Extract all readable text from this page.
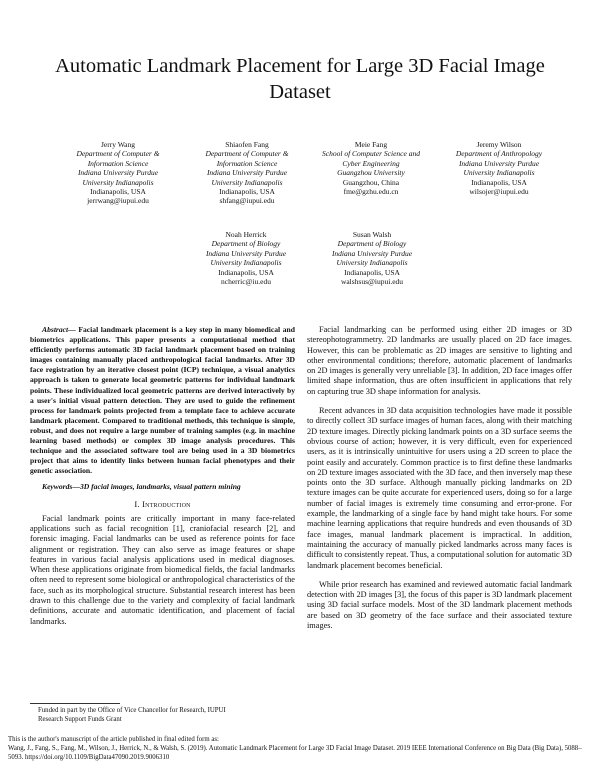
Automatic Landmark Placement for Large 3D Facial Image Dataset
Jerry Wang
Department of Computer &
Information Science
Indiana University Purdue
University Indianapolis
Indianapolis, USA
jerrwang@iupui.edu
Shiaofen Fang
Department of Computer &
Information Science
Indiana University Purdue
University Indianapolis
Indianapolis, USA
shfang@iupui.edu
Meie Fang
School of Computer Science and
Cyber Engineering
Guangzhou University
Guangzhou, China
fme@gzhu.edu.cn
Jeremy Wilson
Department of Anthropology
Indiana University Purdue
University Indianapolis
Indianapolis, USA
wilsojer@iupui.edu
Noah Herrick
Department of Biology
Indiana University Purdue
University Indianapolis
Indianapolis, USA
ncherric@iu.edu
Susan Walsh
Department of Biology
Indiana University Purdue
University Indianapolis
Indianapolis, USA
walshsus@iupui.edu

Abstract— Facial landmark placement is a key step in many biomedical and biometrics applications. This paper presents a computational method that efficiently performs automatic 3D facial landmark placement based on training images containing manually placed anthropological facial landmarks. After 3D face registration by an iterative closest point (ICP) technique, a visual analytics approach is taken to generate local geometric patterns for individual landmark points. These individualized local geometric patterns are derived interactively by a user's initial visual pattern detection. They are used to guide the refinement process for landmark points projected from a template face to achieve accurate landmark placement. Compared to traditional methods, this technique is simple, robust, and does not require a large number of training samples (e.g. in machine learning based methods) or complex 3D image analysis procedures. This technique and the associated software tool are being used in a 3D biometrics project that aims to identify links between human facial phenotypes and their genetic association.

Keywords—3D facial images, landmarks, visual pattern mining

I. Introduction

Facial landmark points are critically important in many face-related applications such as facial recognition [1], craniofacial research [2], and forensic imaging. Facial landmarks can be used as reference points for face alignment or registration. They can also serve as image features or shape features in various facial analysis applications used in medical diagnoses. When these applications originate from biomedical fields, the facial landmarks often need to represent some biological or anthropological characteristics of the face, such as its morphological structure. Substantial research interest has been drawn to this challenge due to the variety and complexity of facial landmark definitions, accurate and automatic identification, and placement of facial landmarks.

Facial landmarking can be performed using either 2D images or 3D stereophotogrammetry. 2D landmarks are usually placed on 2D face images. However, this can be problematic as 2D images are sensitive to lighting and other environmental conditions; therefore, automatic placement of landmarks on 2D images is generally very unreliable [3]. In addition, 2D face images offer limited shape information, thus are often insufficient in applications that rely on capturing true 3D shape information for analysis.

Recent advances in 3D data acquisition technologies have made it possible to directly collect 3D surface images of human faces, along with their matching 2D texture images. Directly picking landmark points on a 3D surface seems the obvious course of action; however, it is very difficult, even for experienced users, as it is intrinsically unintuitive for users using a 2D screen to place the point easily and accurately. Common practice is to first define these landmarks on 2D texture images associated with the 3D face, and then inversely map these points onto the 3D surface. Although manually picking landmarks on 2D texture images can be quite accurate for experienced users, doing so for a large number of facial images is extremely time consuming and error-prone. For example, the landmarking of a single face by hand might take hours. For some machine learning applications that require hundreds and even thousands of 3D face images, manual landmark placement is impractical. In addition, maintaining the accuracy of manually picked landmarks across many faces is difficult to consistently repeat. Thus, a computational solution for automatic 3D landmark placement becomes beneficial.

While prior research has examined and reviewed automatic facial landmark detection with 2D images [3], the focus of this paper is 3D landmark placement using 3D facial surface models. Most of the 3D landmark placement methods are based on 3D geometry of the face surface and their associated texture images.

Funded in part by the Office of Vice Chancellor for Research, IUPUI
Research Support Funds Grant
This is the author's manuscript of the article published in final edited form as:
Wang, J., Fang, S., Fang, M., Wilson, J., Herrick, N., & Walsh, S. (2019). Automatic Landmark Placement for Large 3D Facial Image Dataset. 2019 IEEE International Conference on Big Data (Big Data), 5088–5093. https://doi.org/10.1109/BigData47090.2019.9006310
